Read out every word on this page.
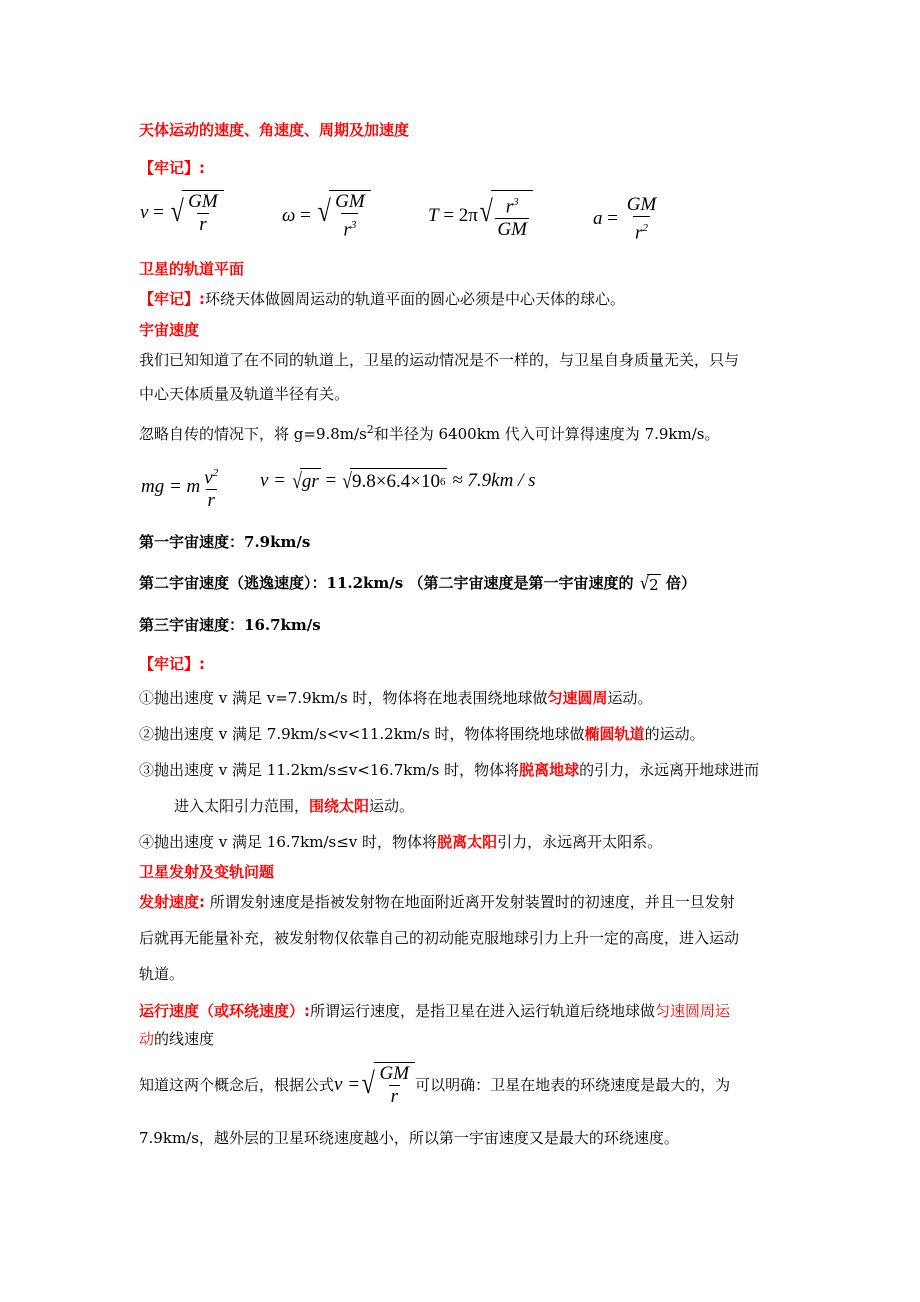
天体运动的速度、角速度、周期及加速度
【牢记】:
v = √ $\frac{GM}{r}$	ω = √ $\frac{GM}{r^3}$	T = 2π √ $\frac{r^3}{GM}$	$a = \frac{GM}{r^2}$
卫星的轨道平面
【牢记】:环绕天体做圆周运动的轨道平面的圆心必须是中心天体的球心。
宇宙速度
我们已知知道了在不同的轨道上，卫星的运动情况是不一样的，与卫星自身质量无关，只与
中心天体质量及轨道半径有关。
忽略自传的情况下，将 $g=9.8m/s^2$和半径为 6400km 代入可计算得速度为 7.9km/s。
mg = m $\frac{v^2}{r}$ v =
√ gr
=
√ 9.8×6.4×10 6
≈ 7.9km / s
第一宇宙速度：7.9km/s
第二宇宙速度（逃逸速度）：11.2km/s （第二宇宙速度是第一宇宙速度的 √ 2 倍）
第三宇宙速度：16.7km/s
【牢记】:
①抛出速度 v 满足 v=7.9km/s 时，物体将在地表围绕地球做匀速圆周运动。
②抛出速度 v 满足 7.9km/s<v<11.2km/s 时，物体将围绕地球做椭圆轨道的运动。
③抛出速度 v 满足 11.2km/s≤v<16.7km/s 时，物体将脱离地球的引力，永远离开地球进而
进入太阳引力范围，围绕太阳运动。
④抛出速度 v 满足 16.7km/s≤v 时，物体将脱离太阳引力，永远离开太阳系。
卫星发射及变轨问题
发射速度: 所谓发射速度是指被发射物在地面附近离开发射装置时的初速度，并且一旦发射
后就再无能量补充，被发射物仅依靠自己的初动能克服地球引力上升一定的高度，进入运动
轨道。
运行速度（或环绕速度）:所谓运行速度，是指卫星在进入运行轨道后绕地球做匀速圆周运
动的线速度
知道这两个概念后，根据公式 v = √ $\frac{GM}{r}$ 可以明确：卫星在地表的环绕速度是最大的，为
7.9km/s，越外层的卫星环绕速度越小，所以第一宇宙速度又是最大的环绕速度。
